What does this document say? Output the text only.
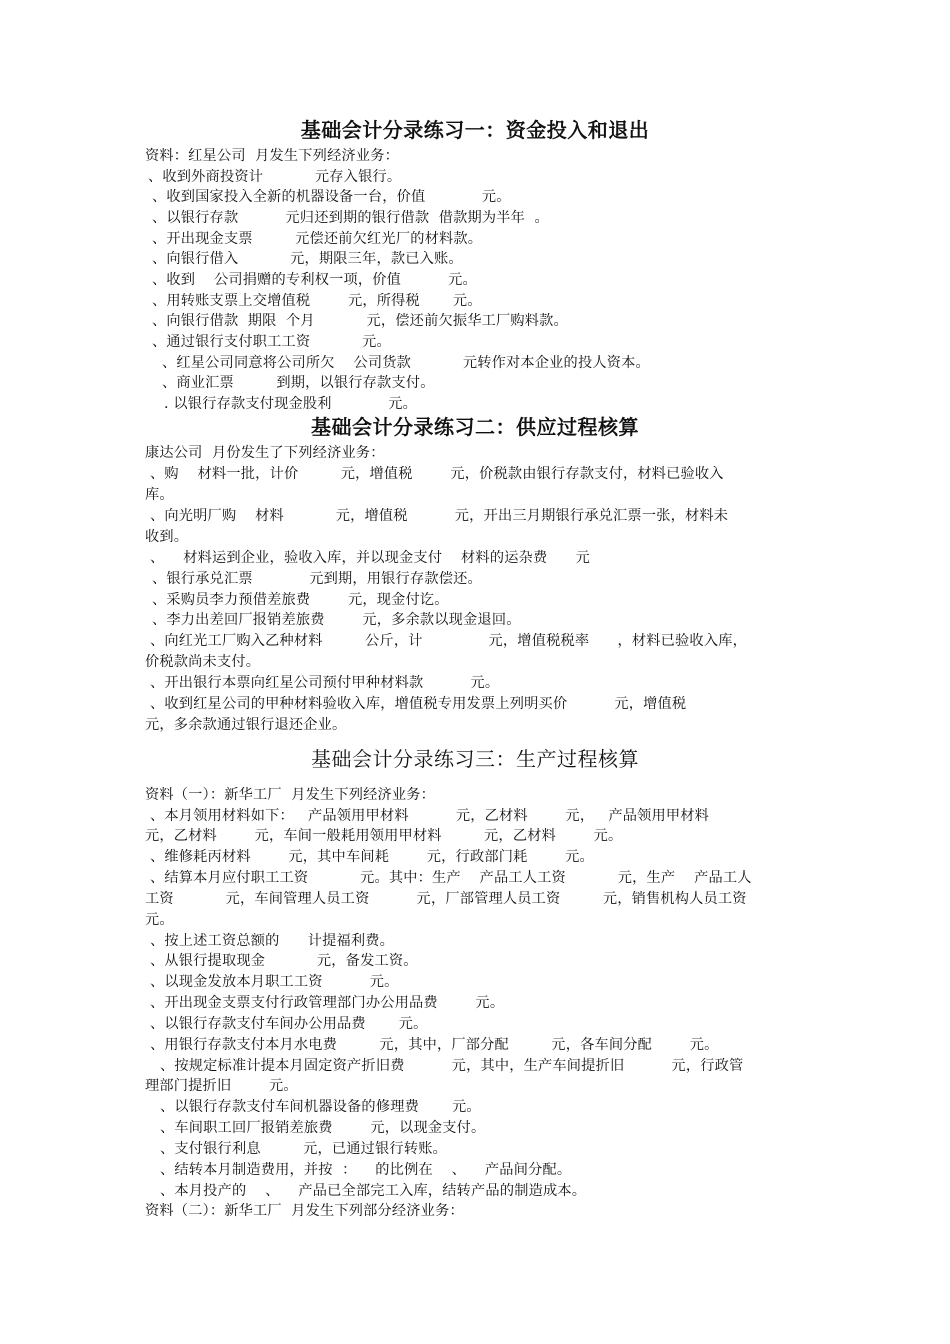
基础会计分录练习一：资金投入和退出
资料：红星公司  月发生下列经济业务：
、收到外商投资计           元存入银行。
、收到国家投入全新的机器设备一台，价值            元。
、以银行存款          元归还到期的银行借款  借款期为半年  。
、开出现金支票         元偿还前欠红光厂的材料款。
、向银行借入           元，期限三年，款已入账。
、收到    公司捐赠的专利权一项，价值          元。
、用转账支票上交增值税        元，所得税       元。
、向银行借款  期限  个月           元，偿还前欠振华工厂购料款。
、通过银行支付职工工资           元。
、红星公司同意将公司所欠    公司货款           元转作对本企业的投人资本。
、商业汇票         到期，以银行存款支付。
. 以银行存款支付现金股利            元。
基础会计分录练习二：供应过程核算
康达公司  月份发生了下列经济业务：
、购    材料一批，计价         元，增值税        元，价税款由银行存款支付，材料已验收入
库。
、向光明厂购    材料           元，增值税          元，开出三月期银行承兑汇票一张，材料未
收到。
、    材料运到企业，验收入库，并以现金支付    材料的运杂费      元
、银行承兑汇票            元到期，用银行存款偿还。
、采购员李力预借差旅费        元，现金付讫。
、李力出差回厂报销差旅费        元，多余款以现金退回。
、向红光工厂购入乙种材料         公斤，计              元，增值税税率      ，材料已验收入库，
价税款尚未支付。
、开出银行本票向红星公司预付甲种材料款          元。
、收到红星公司的甲种材料验收入库，增值税专用发票上列明买价          元，增值税
元，多余款通过银行退还企业。
基础会计分录练习三：生产过程核算
资料（一）：新华工厂  月发生下列经济业务：
、本月领用材料如下：   产品领用甲材料          元，乙材料        元，   产品领用甲材料
元，乙材料        元，车间一般耗用领用甲材料         元，乙材料        元。
、维修耗丙材料        元，其中车间耗        元，行政部门耗        元。
、结算本月应付职工工资           元。其中：生产    产品工人工资           元，生产    产品工人
工资           元，车间管理人员工资          元，厂部管理人员工资         元，销售机构人员工资
元。
、按上述工资总额的      计提福利费。
、从银行提取现金           元，备发工资。
、以现金发放本月职工工资          元。
、开出现金支票支付行政管理部门办公用品费        元。
、以银行存款支付车间办公用品费       元。
、用银行存款支付本月水电费         元，其中，厂部分配         元，各车间分配        元。
、按规定标准计提本月固定资产折旧费          元，其中，生产车间提折旧          元，行政管
理部门提折旧        元。
、以银行存款支付车间机器设备的修理费       元。
、车间职工回厂报销差旅费        元，以现金支付。
、支付银行利息         元，已通过银行转账。
、结转本月制造费用，并按  ：    的比例在    、    产品间分配。
、本月投产的    、    产品已全部完工入库，结转产品的制造成本。
资料（二）：新华工厂  月发生下列部分经济业务：
